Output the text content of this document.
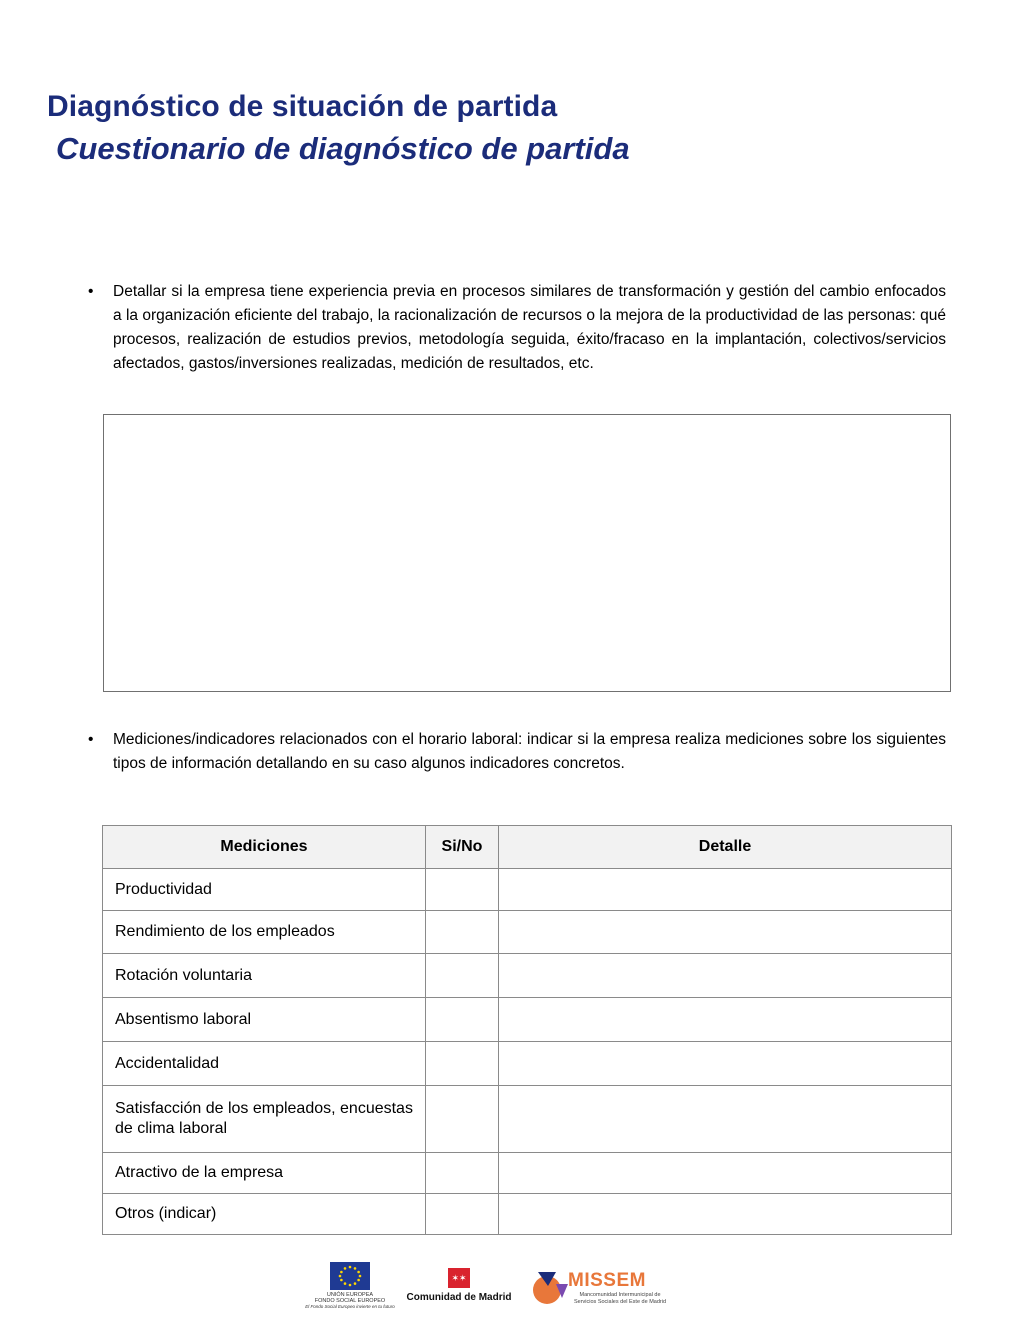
Diagnóstico de situación de partida
Cuestionario de diagnóstico de partida
• Detallar si la empresa tiene experiencia previa en procesos similares de transformación y gestión del cambio enfocados a la organización eficiente del trabajo, la racionalización de recursos o la mejora de la productividad de las personas: qué procesos, realización de estudios previos, metodología seguida, éxito/fracaso en la implantación, colectivos/servicios afectados, gastos/inversiones realizadas, medición de resultados, etc.
• Mediciones/indicadores relacionados con el horario laboral: indicar si la empresa realiza mediciones sobre los siguientes tipos de información detallando en su caso algunos indicadores concretos.
Mediciones	Si/No	Detalle
Productividad		
Rendimiento de los empleados		
Rotación voluntaria		
Absentismo laboral		
Accidentalidad		
Satisfacción de los empleados, encuestas de clima laboral		
Atractivo de la empresa		
Otros (indicar)		
UNIÓN EUROPEA
FONDO SOCIAL EUROPEO
El Fondo Social Europeo invierte en tu futuro
✶✶
Comunidad de Madrid
MISSEM
Mancomunidad Intermunicipal de Servicios Sociales del Este de Madrid
